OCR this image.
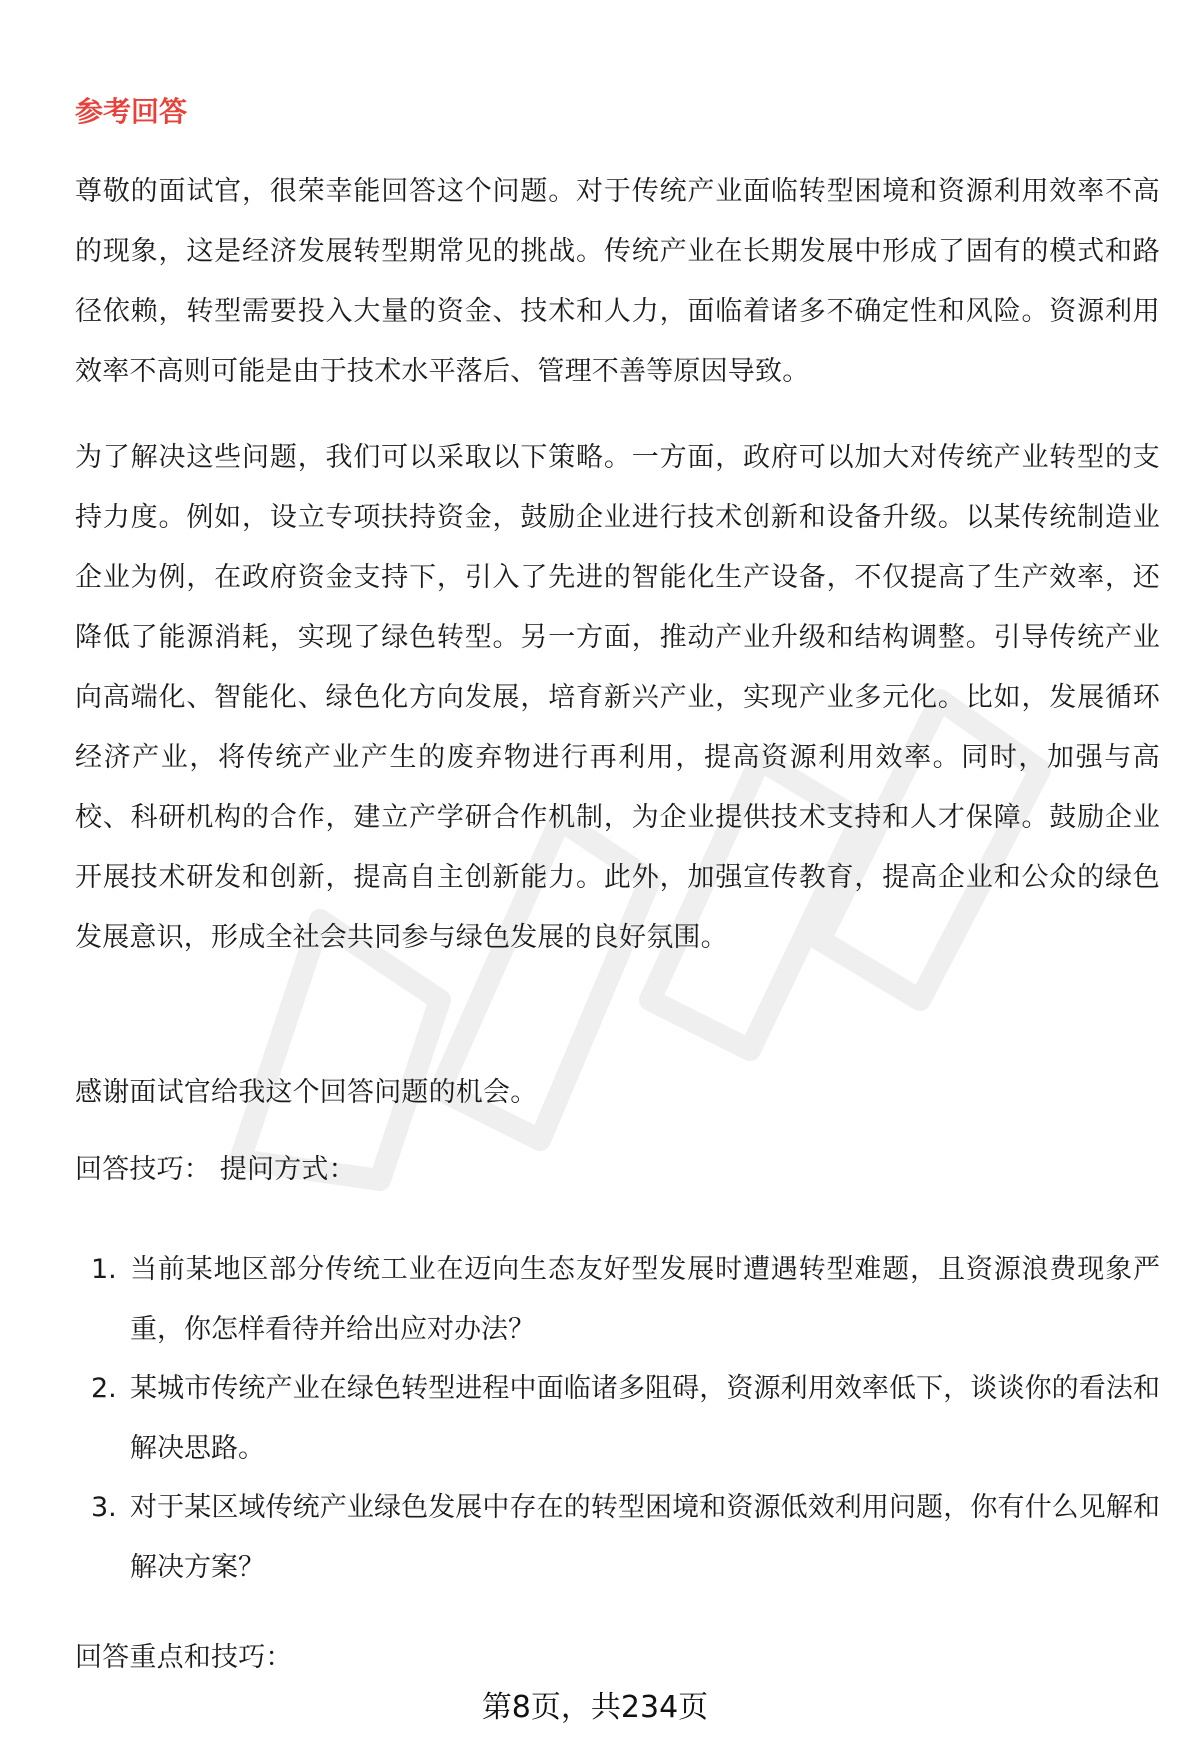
参考回答

尊敬的面试官，很荣幸能回答这个问题。对于传统产业面临转型困境和资源利用效率不高的现象，这是经济发展转型期常见的挑战。传统产业在长期发展中形成了固有的模式和路径依赖，转型需要投入大量的资金、技术和人力，面临着诸多不确定性和风险。资源利用效率不高则可能是由于技术水平落后、管理不善等原因导致。

为了解决这些问题，我们可以采取以下策略。一方面，政府可以加大对传统产业转型的支持力度。例如，设立专项扶持资金，鼓励企业进行技术创新和设备升级。以某传统制造业企业为例，在政府资金支持下，引入了先进的智能化生产设备，不仅提高了生产效率，还降低了能源消耗，实现了绿色转型。另一方面，推动产业升级和结构调整。引导传统产业向高端化、智能化、绿色化方向发展，培育新兴产业，实现产业多元化。比如，发展循环经济产业，将传统产业产生的废弃物进行再利用，提高资源利用效率。同时，加强与高校、科研机构的合作，建立产学研合作机制，为企业提供技术支持和人才保障。鼓励企业开展技术研发和创新，提高自主创新能力。此外，加强宣传教育，提高企业和公众的绿色发展意识，形成全社会共同参与绿色发展的良好氛围。

感谢面试官给我这个回答问题的机会。

回答技巧： 提问方式：

1. 当前某地区部分传统工业在迈向生态友好型发展时遭遇转型难题，且资源浪费现象严重，你怎样看待并给出应对办法？
2. 某城市传统产业在绿色转型进程中面临诸多阻碍，资源利用效率低下，谈谈你的看法和解决思路。
3. 对于某区域传统产业绿色发展中存在的转型困境和资源低效利用问题，你有什么见解和解决方案？

回答重点和技巧：

第8页，共234页
